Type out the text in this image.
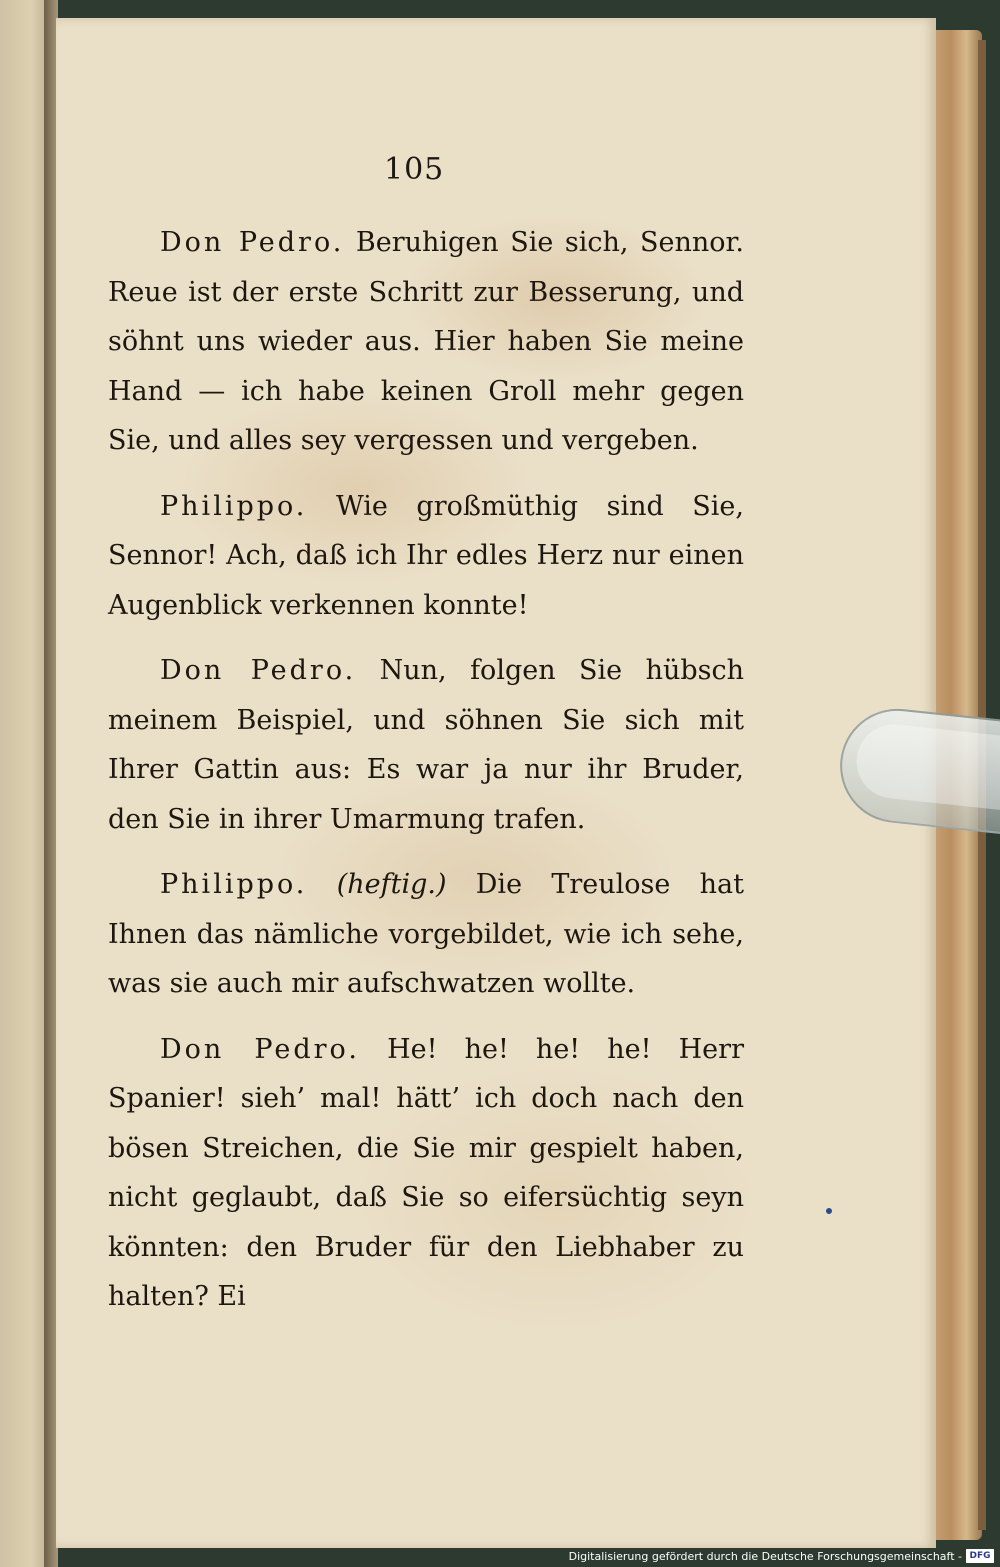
105

Don Pedro. Beruhigen Sie sich, Sennor. Reue ist der erste Schritt zur Besserung, und söhnt uns wieder aus. Hier haben Sie meine Hand — ich habe keinen Groll mehr gegen Sie, und alles sey vergessen und vergeben.

Philippo. Wie großmüthig sind Sie, Sennor! Ach, daß ich Ihr edles Herz nur einen Augenblick verkennen konnte!

Don Pedro. Nun, folgen Sie hübsch meinem Beispiel, und söhnen Sie sich mit Ihrer Gattin aus: Es war ja nur ihr Bruder, den Sie in ihrer Umarmung trafen.

Philippo. (heftig.) Die Treulose hat Ihnen das nämliche vorgebildet, wie ich sehe, was sie auch mir aufschwatzen wollte.

Don Pedro. He! he! he! he! Herr Spanier! sieh’ mal! hätt’ ich doch nach den bösen Streichen, die Sie mir gespielt haben, nicht geglaubt, daß Sie so eifersüchtig seyn könnten: den Bruder für den Liebhaber zu halten? Ei

Digitalisierung gefördert durch die Deutsche Forschungsgemeinschaft - DFG
